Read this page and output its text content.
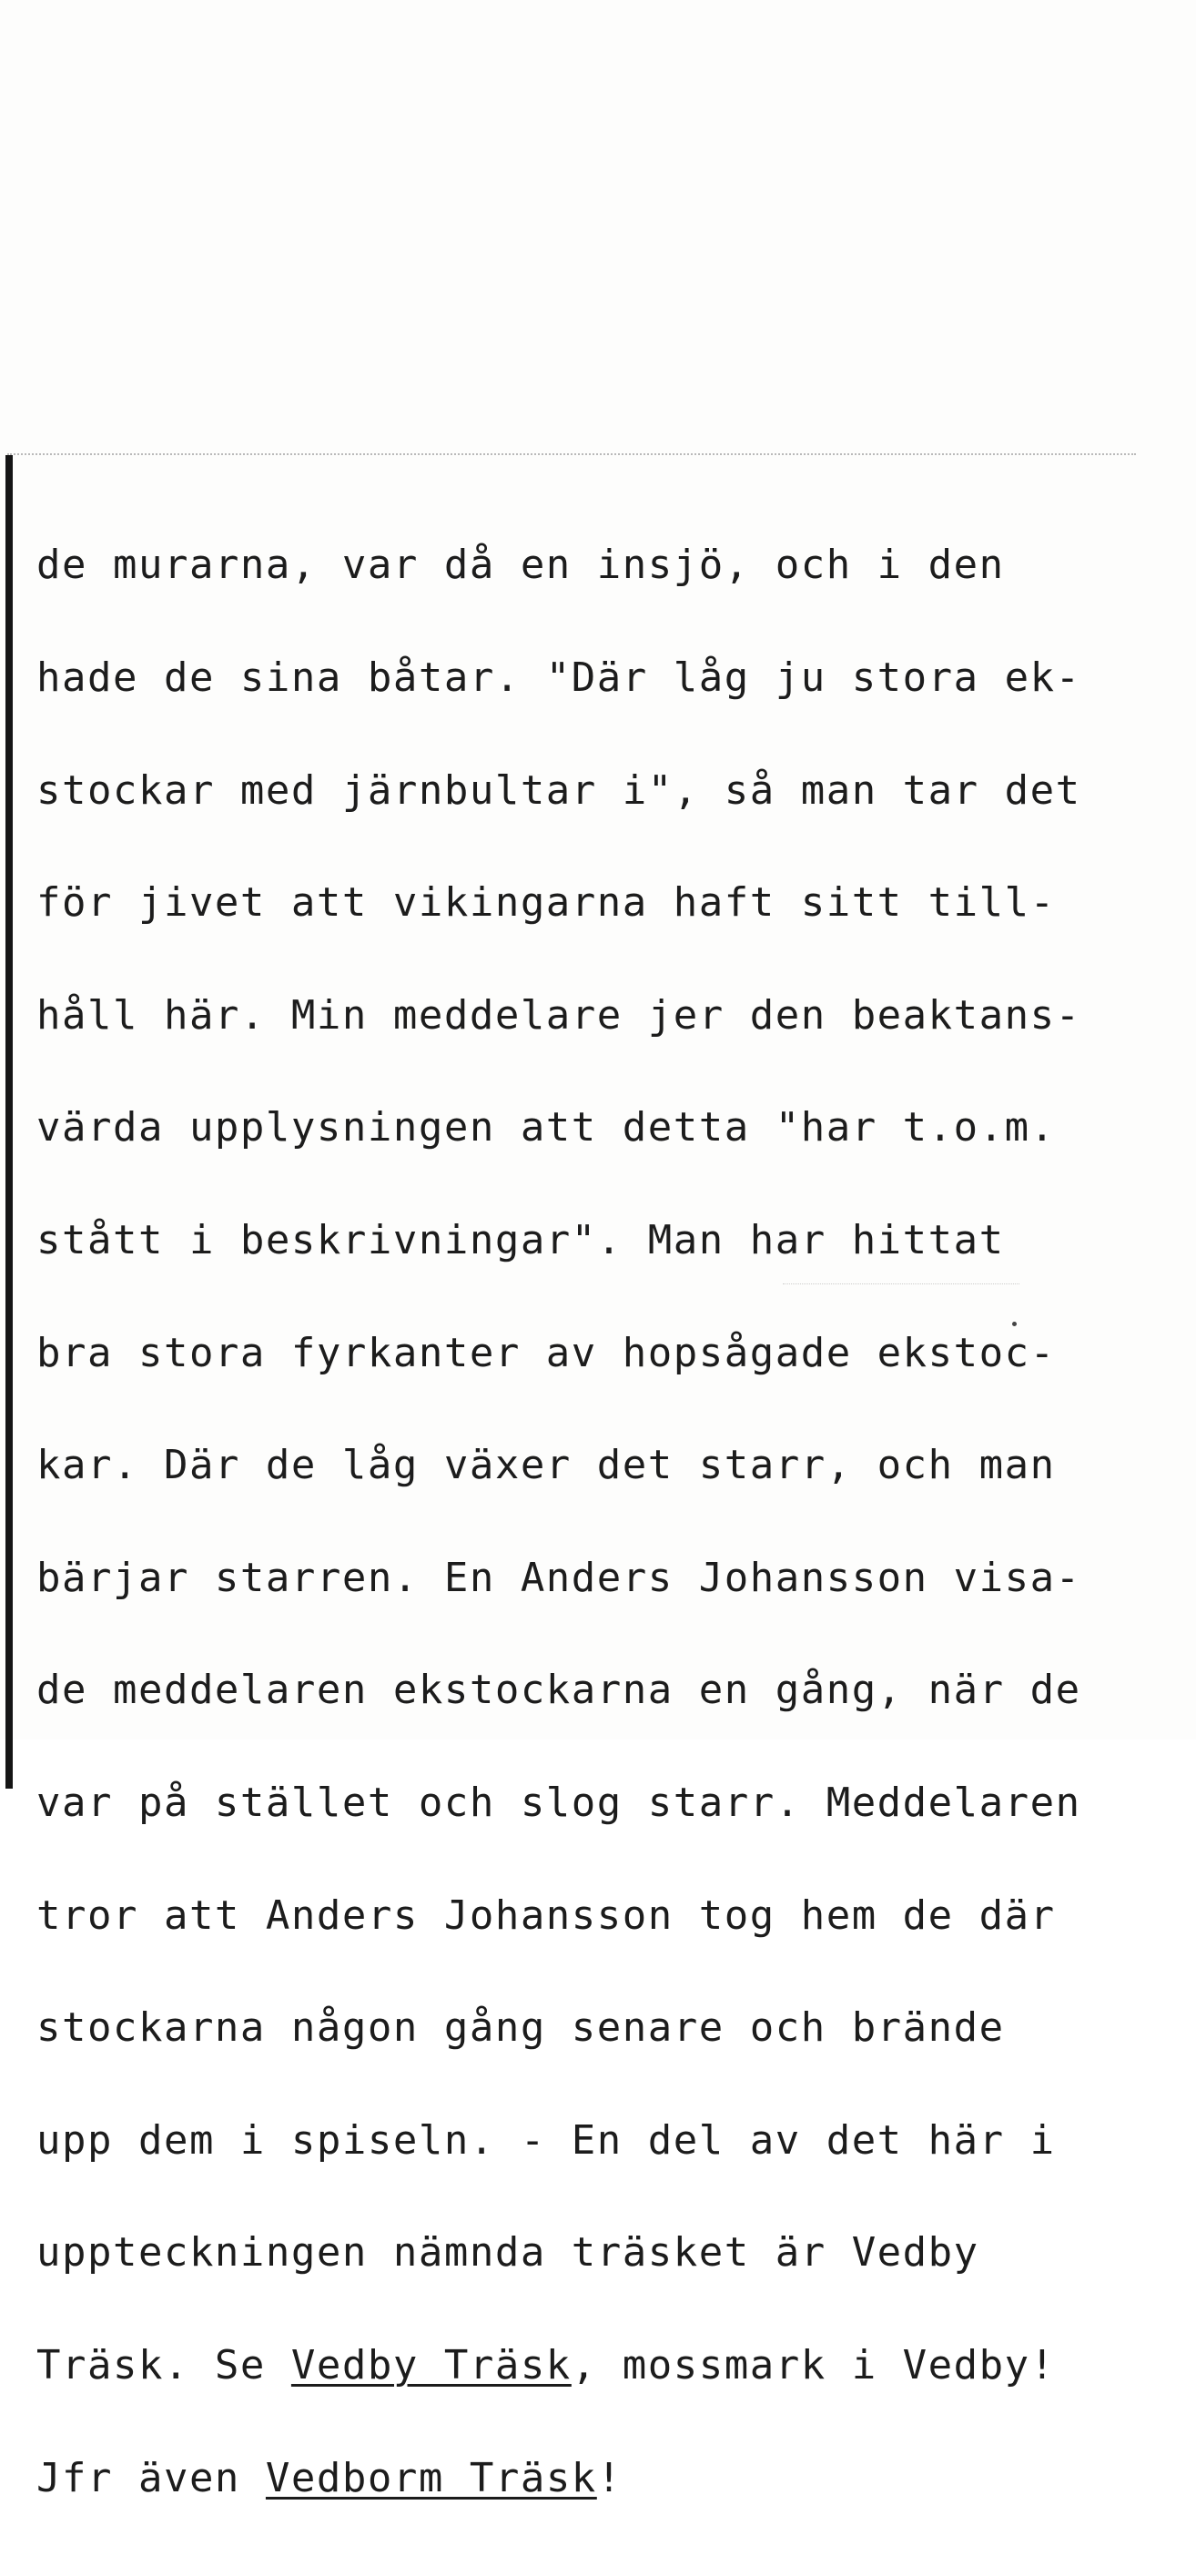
de murarna, var då en insjö, och i den

hade de sina båtar. "Där låg ju stora ek-

stockar med järnbultar i", så man tar det

för jivet att vikingarna haft sitt till-

håll här. Min meddelare jer den beaktans-

värda upplysningen att detta "har t.o.m.

stått i beskrivningar". Man har hittat

bra stora fyrkanter av hopsågade ekstoc-

kar. Där de låg växer det starr, och man

bärjar starren. En Anders Johansson visa-

de meddelaren ekstockarna en gång, när de

var på stället och slog starr. Meddelaren

tror att Anders Johansson tog hem de där

stockarna någon gång senare och brände

upp dem i spiseln. - En del av det här i

uppteckningen nämnda träsket är Vedby

Träsk. Se Vedby Träsk, mossmark i Vedby!

Jfr även Vedborm Träsk!
